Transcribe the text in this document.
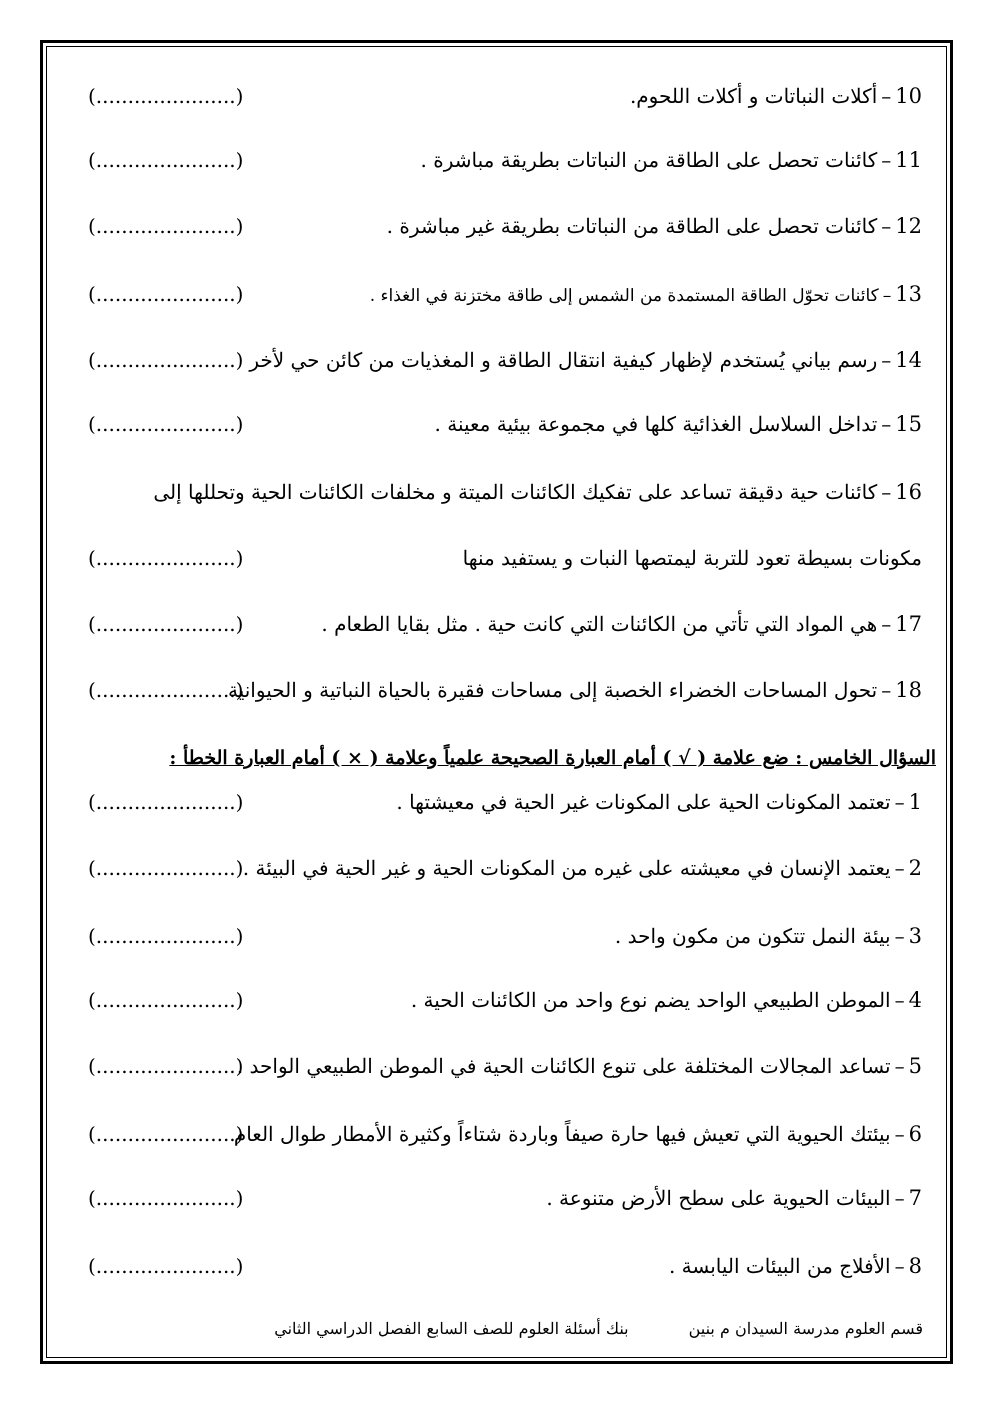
10–أكلات النباتات و أكلات اللحوم.
(......................)
11–كائنات تحصل على الطاقة من النباتات بطريقة مباشرة .
(......................)
12–كائنات تحصل على الطاقة من النباتات بطريقة غير مباشرة .
(......................)
13–كائنات تحوّل الطاقة المستمدة من الشمس إلى طاقة مختزنة في الغذاء .
(......................)
14–رسم بياني يُستخدم لإظهار كيفية انتقال الطاقة و المغذيات من كائن حي لأخر
(......................)
15–تداخل السلاسل الغذائية كلها في مجموعة بيئية معينة .
(......................)
16–كائنات حية دقيقة تساعد على تفكيك الكائنات الميتة و مخلفات الكائنات الحية وتحللها إلى
مكونات بسيطة تعود للتربة ليمتصها النبات و يستفيد منها
(......................)
17–هي المواد التي تأتي من الكائنات التي كانت حية . مثل بقايا الطعام .
(......................)
18–تحول المساحات الخضراء الخصبة إلى مساحات فقيرة بالحياة النباتية و الحيوانية
(......................)
السؤال الخامس : ضع علامة ( √ ) أمام العبارة الصحيحة علمياً وعلامة ( × ) أمام العبارة الخطأ :
1–تعتمد المكونات الحية على المكونات غير الحية في معيشتها .
(......................)
2–يعتمد الإنسان في معيشته على غيره من المكونات الحية و غير الحية في البيئة .
(......................)
3–بيئة النمل تتكون من مكون واحد .
(......................)
4–الموطن الطبيعي الواحد يضم نوع واحد من الكائنات الحية .
(......................)
5–تساعد المجالات المختلفة على تنوع الكائنات الحية في الموطن الطبيعي الواحد .
(......................)
6–بيئتك الحيوية التي تعيش فيها حارة صيفاً وباردة شتاءاً وكثيرة الأمطار طوال العام
(......................)
7–البيئات الحيوية على سطح الأرض متنوعة .
(......................)
8–الأفلاج من البيئات اليابسة .
(......................)
قسم العلوم مدرسة السيدان م بنينبنك أسئلة العلوم للصف السابع الفصل الدراسي الثاني
